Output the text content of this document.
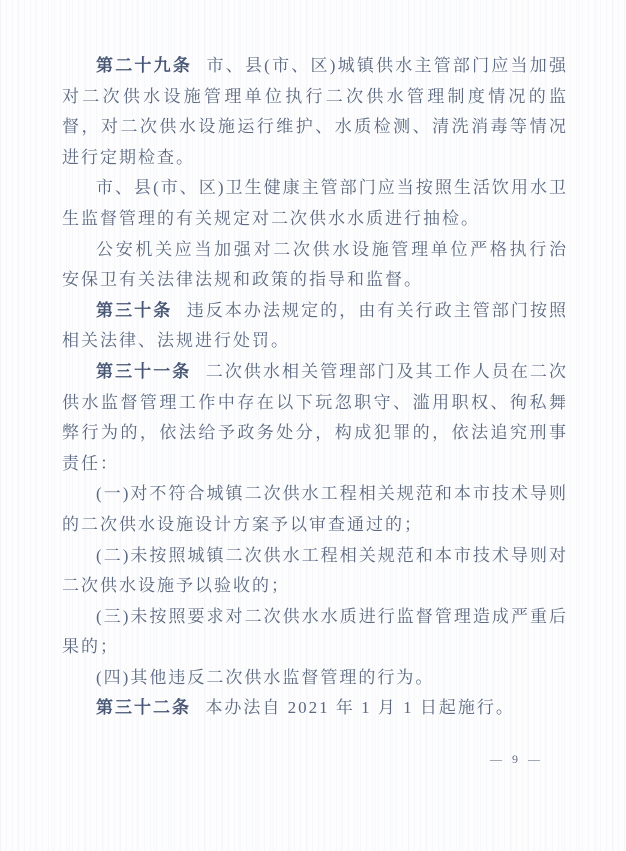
第二十九条 市、县(市、区)城镇供水主管部门应当加强对二次供水设施管理单位执行二次供水管理制度情况的监督，对二次供水设施运行维护、水质检测、清洗消毒等情况进行定期检查。

市、县(市、区)卫生健康主管部门应当按照生活饮用水卫生监督管理的有关规定对二次供水水质进行抽检。

公安机关应当加强对二次供水设施管理单位严格执行治安保卫有关法律法规和政策的指导和监督。

第三十条 违反本办法规定的，由有关行政主管部门按照相关法律、法规进行处罚。

第三十一条 二次供水相关管理部门及其工作人员在二次供水监督管理工作中存在以下玩忽职守、滥用职权、徇私舞弊行为的，依法给予政务处分，构成犯罪的，依法追究刑事责任：

(一)对不符合城镇二次供水工程相关规范和本市技术导则的二次供水设施设计方案予以审查通过的；

(二)未按照城镇二次供水工程相关规范和本市技术导则对二次供水设施予以验收的；

(三)未按照要求对二次供水水质进行监督管理造成严重后果的；

(四)其他违反二次供水监督管理的行为。

第三十二条 本办法自 2021 年 1 月 1 日起施行。

— 9 —
